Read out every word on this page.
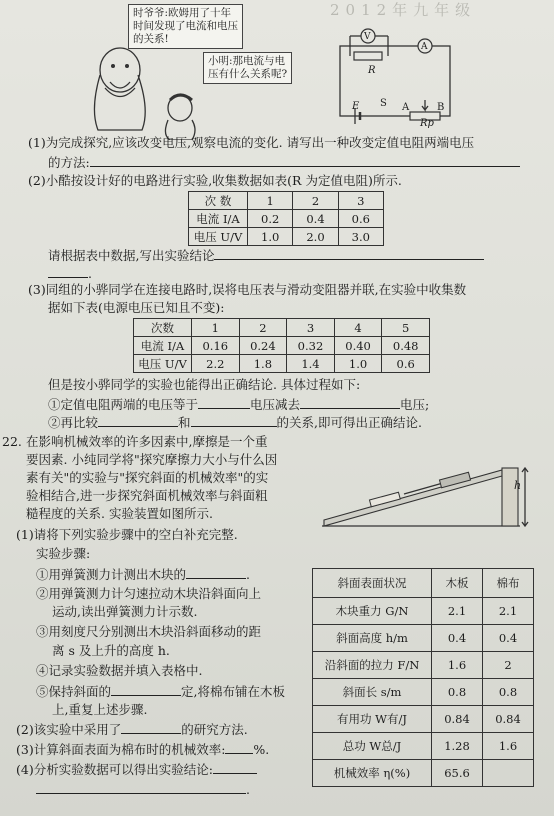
2012年九年级
时爷爷:欧姆用了十年
时间发现了电流和电压
的关系!
小明:那电流与电
压有什么关系呢?
V
A
R
E S A	B
Rp
(1)为完成探究,应该改变电压,观察电流的变化. 请写出一种改变定值电阻两端电压
的方法:
(2)小酷按设计好的电路进行实验,收集数据如表(R 为定值电阻)所示.
次 数	1	2	3
电流 I/A	0.2	0.4	0.6
电压 U/V	1.0	2.0	3.0
请根据表中数据,写出实验结论
.
(3)同组的小骅同学在连接电路时,误将电压表与滑动变阻器并联,在实验中收集数
据如下表(电源电压已知且不变):
次数	1	2	3	4	5
电流 I/A	0.16	0.24	0.32	0.40	0.48
电压 U/V	2.2	1.8	1.4	1.0	0.6
但是按小骅同学的实验也能得出正确结论. 具体过程如下:
①定值电阻两端的电压等于	电压减去	电压;
②再比较	和	的关系,即可得出正确结论.
22. 在影响机械效率的许多因素中,摩擦是一个重
要因素. 小纯同学将"探究摩擦力大小与什么因
素有关"的实验与"探究斜面的机械效率"的实
验相结合,进一步探究斜面机械效率与斜面粗
糙程度的关系. 实验装置如图所示.
h
(1)请将下列实验步骤中的空白补充完整.
实验步骤:
①用弹簧测力计测出木块的	.
②用弹簧测力计匀速拉动木块沿斜面向上
运动,读出弹簧测力计示数.
③用刻度尺分别测出木块沿斜面移动的距
离 s 及上升的高度 h.
④记录实验数据并填入表格中.
⑤保持斜面的	定,将棉布铺在木板
上,重复上述步骤.
(2)该实验中采用了	的研究方法.
(3)计算斜面表面为棉布时的机械效率: %.
(4)分析实验数据可以得出实验结论:
.
斜面表面状况	木板	棉布
木块重力 G/N	2.1	2.1
斜面高度 h/m	0.4	0.4
沿斜面的拉力 F/N	1.6	2
斜面长 s/m	0.8	0.8
有用功 W有/J	0.84	0.84
总功 W总/J	1.28	1.6
机械效率 η(%)	65.6	
